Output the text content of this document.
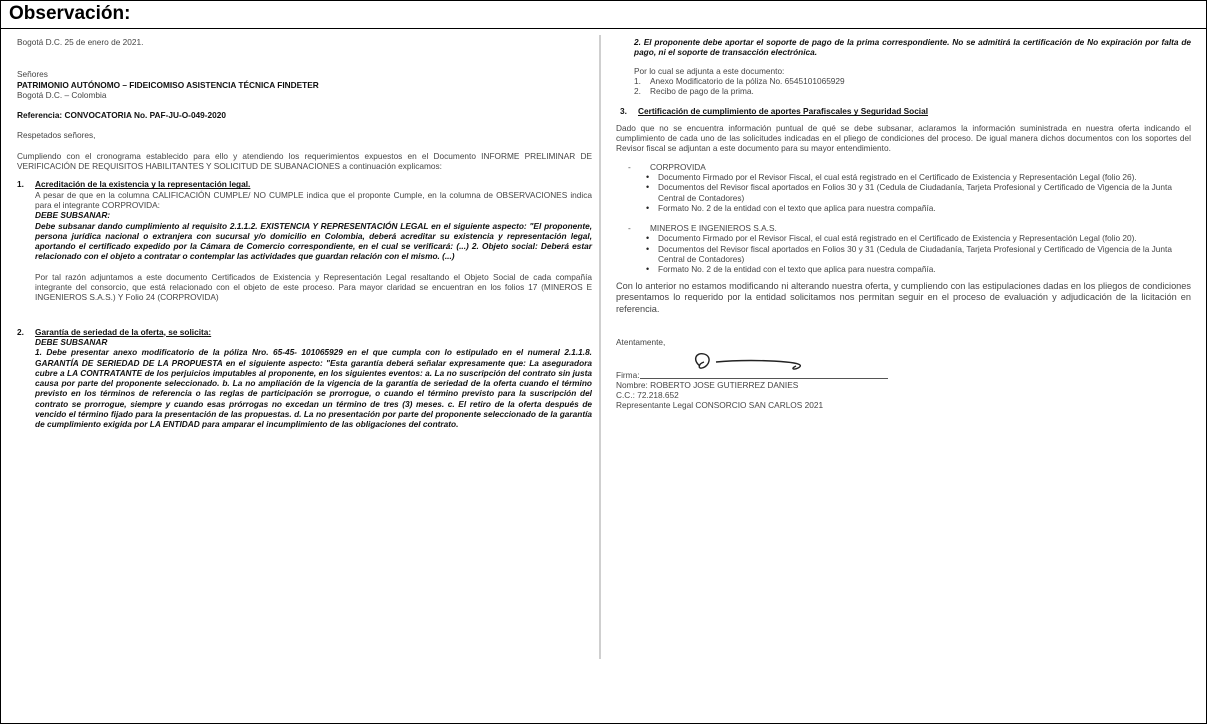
Observación:

Bogotá D.C. 25 de enero de 2021.

Señores

PATRIMONIO AUTÓNOMO – FIDEICOMISO ASISTENCIA TÉCNICA FINDETER

Bogotá D.C. – Colombia

Referencia: CONVOCATORIA No. PAF-JU-O-049-2020

Respetados señores,

Cumpliendo con el cronograma establecido para ello y atendiendo los requerimientos expuestos en el Documento INFORME PRELIMINAR DE VERIFICACIÓN DE REQUISITOS HABILITANTES Y SOLICITUD DE SUBANACIONES a continuación explicamos:

1.	Acreditación de la existencia y la representación legal.

A pesar de que en la columna CALIFICACIÓN CUMPLE/ NO CUMPLE indica que el proponte Cumple, en la columna de OBSERVACIONES indica para el integrante CORPROVIDA:

DEBE SUBSANAR:

Debe subsanar dando cumplimiento al requisito 2.1.1.2. EXISTENCIA Y REPRESENTACIÓN LEGAL en el siguiente aspecto: "El proponente, persona jurídica nacional o extranjera con sucursal y/o domicilio en Colombia, deberá acreditar su existencia y representación legal, aportando el certificado expedido por la Cámara de Comercio correspondiente, en el cual se verificará: (...) 2. Objeto social: Deberá estar relacionado con el objeto a contratar o contemplar las actividades que guardan relación con el mismo. (...)

Por tal razón adjuntamos a este documento Certificados de Existencia y Representación Legal resaltando el Objeto Social de cada compañía integrante del consorcio, que está relacionado con el objeto de este proceso. Para mayor claridad se encuentran en los folios 17 (MINEROS E INGENIEROS S.A.S.) Y Folio 24 (CORPROVIDA)

2.	Garantía de seriedad de la oferta, se solicita:

DEBE SUBSANAR

1. Debe presentar anexo modificatorio de la póliza Nro. 65-45- 101065929 en el que cumpla con lo estipulado en el numeral 2.1.1.8. GARANTÍA DE SERIEDAD DE LA PROPUESTA en el siguiente aspecto: "Esta garantía deberá señalar expresamente que: La aseguradora cubre a LA CONTRATANTE de los perjuicios imputables al proponente, en los siguientes eventos: a. La no suscripción del contrato sin justa causa por parte del proponente seleccionado. b. La no ampliación de la vigencia de la garantía de seriedad de la oferta cuando el término previsto en los términos de referencia o las reglas de participación se prorrogue, o cuando el término previsto para la suscripción del contrato se prorrogue, siempre y cuando esas prórrogas no excedan un término de tres (3) meses. c. El retiro de la oferta después de vencido el término fijado para la presentación de las propuestas. d. La no presentación por parte del proponente seleccionado de la garantía de cumplimiento exigida por LA ENTIDAD para amparar el incumplimiento de las obligaciones del contrato.

2. El proponente debe aportar el soporte de pago de la prima correspondiente. No se admitirá la certificación de No expiración por falta de pago, ni el soporte de transacción electrónica.

Por lo cual se adjunta a este documento:

1.	Anexo Modificatorio de la póliza No. 6545101065929
2.	Recibo de pago de la prima.
3.	Certificación de cumplimiento de aportes Parafiscales y Seguridad Social

Dado que no se encuentra información puntual de qué se debe subsanar, aclaramos la información suministrada en nuestra oferta indicando el cumplimiento de cada uno de las solicitudes indicadas en el pliego de condiciones del proceso. De igual manera dichos documentos con los soportes del Revisor fiscal se adjuntan a este documento para su mayor entendimiento.

-	CORPROVIDA
• Documento Firmado por el Revisor Fiscal, el cual está registrado en el Certificado de Existencia y Representación Legal (folio 26).
• Documentos del Revisor fiscal aportados en Folios 30 y 31 (Cedula de Ciudadanía, Tarjeta Profesional y Certificado de Vigencia de la Junta Central de Contadores)
• Formato No. 2 de la entidad con el texto que aplica para nuestra compañía.
-	MINEROS E INGENIEROS S.A.S.
• Documento Firmado por el Revisor Fiscal, el cual está registrado en el Certificado de Existencia y Representación Legal (folio 20).
• Documentos del Revisor fiscal aportados en Folios 30 y 31 (Cedula de Ciudadanía, Tarjeta Profesional y Certificado de Vigencia de la Junta Central de Contadores)
• Formato No. 2 de la entidad con el texto que aplica para nuestra compañía.

Con lo anterior no estamos modificando ni alterando nuestra oferta, y cumpliendo con las estipulaciones dadas en los pliegos de condiciones presentamos lo requerido por la entidad solicitamos nos permitan seguir en el proceso de evaluación y adjudicación de la licitación en referencia.

Atentamente,

Firma:

Nombre: ROBERTO JOSE GUTIERREZ DANIES

C.C.: 72.218.652

Representante Legal CONSORCIO SAN CARLOS 2021
